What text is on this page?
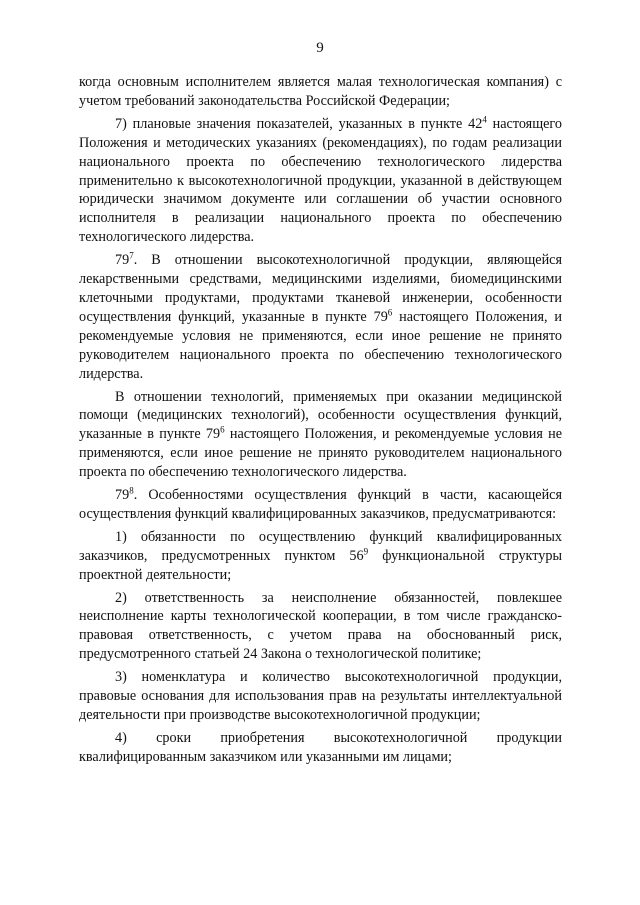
9

когда основным исполнителем является малая технологическая компания) с учетом требований законодательства Российской Федерации;

7) плановые значения показателей, указанных в пункте $42^4$ настоящего Положения и методических указаниях (рекомендациях), по годам реализации национального проекта по обеспечению технологического лидерства применительно к высокотехнологичной продукции, указанной в действующем юридически значимом документе или соглашении об участии основного исполнителя в реализации национального проекта по обеспечению технологического лидерства.

$79^7$. В отношении высокотехнологичной продукции, являющейся лекарственными средствами, медицинскими изделиями, биомедицинскими клеточными продуктами, продуктами тканевой инженерии, особенности осуществления функций, указанные в пункте $79^6$ настоящего Положения, и рекомендуемые условия не применяются, если иное решение не принято руководителем национального проекта по обеспечению технологического лидерства.

В отношении технологий, применяемых при оказании медицинской помощи (медицинских технологий), особенности осуществления функций, указанные в пункте $79^6$ настоящего Положения, и рекомендуемые условия не применяются, если иное решение не принято руководителем национального проекта по обеспечению технологического лидерства.

$79^8$. Особенностями осуществления функций в части, касающейся осуществления функций квалифицированных заказчиков, предусматриваются:

1) обязанности по осуществлению функций квалифицированных заказчиков, предусмотренных пунктом $56^9$ функциональной структуры проектной деятельности;

2) ответственность за неисполнение обязанностей, повлекшее неисполнение карты технологической кооперации, в том числе гражданско-правовая ответственность, с учетом права на обоснованный риск, предусмотренного статьей 24 Закона о технологической политике;

3) номенклатура и количество высокотехнологичной продукции, правовые основания для использования прав на результаты интеллектуальной деятельности при производстве высокотехнологичной продукции;

4) сроки приобретения высокотехнологичной продукции квалифицированным заказчиком или указанными им лицами;
